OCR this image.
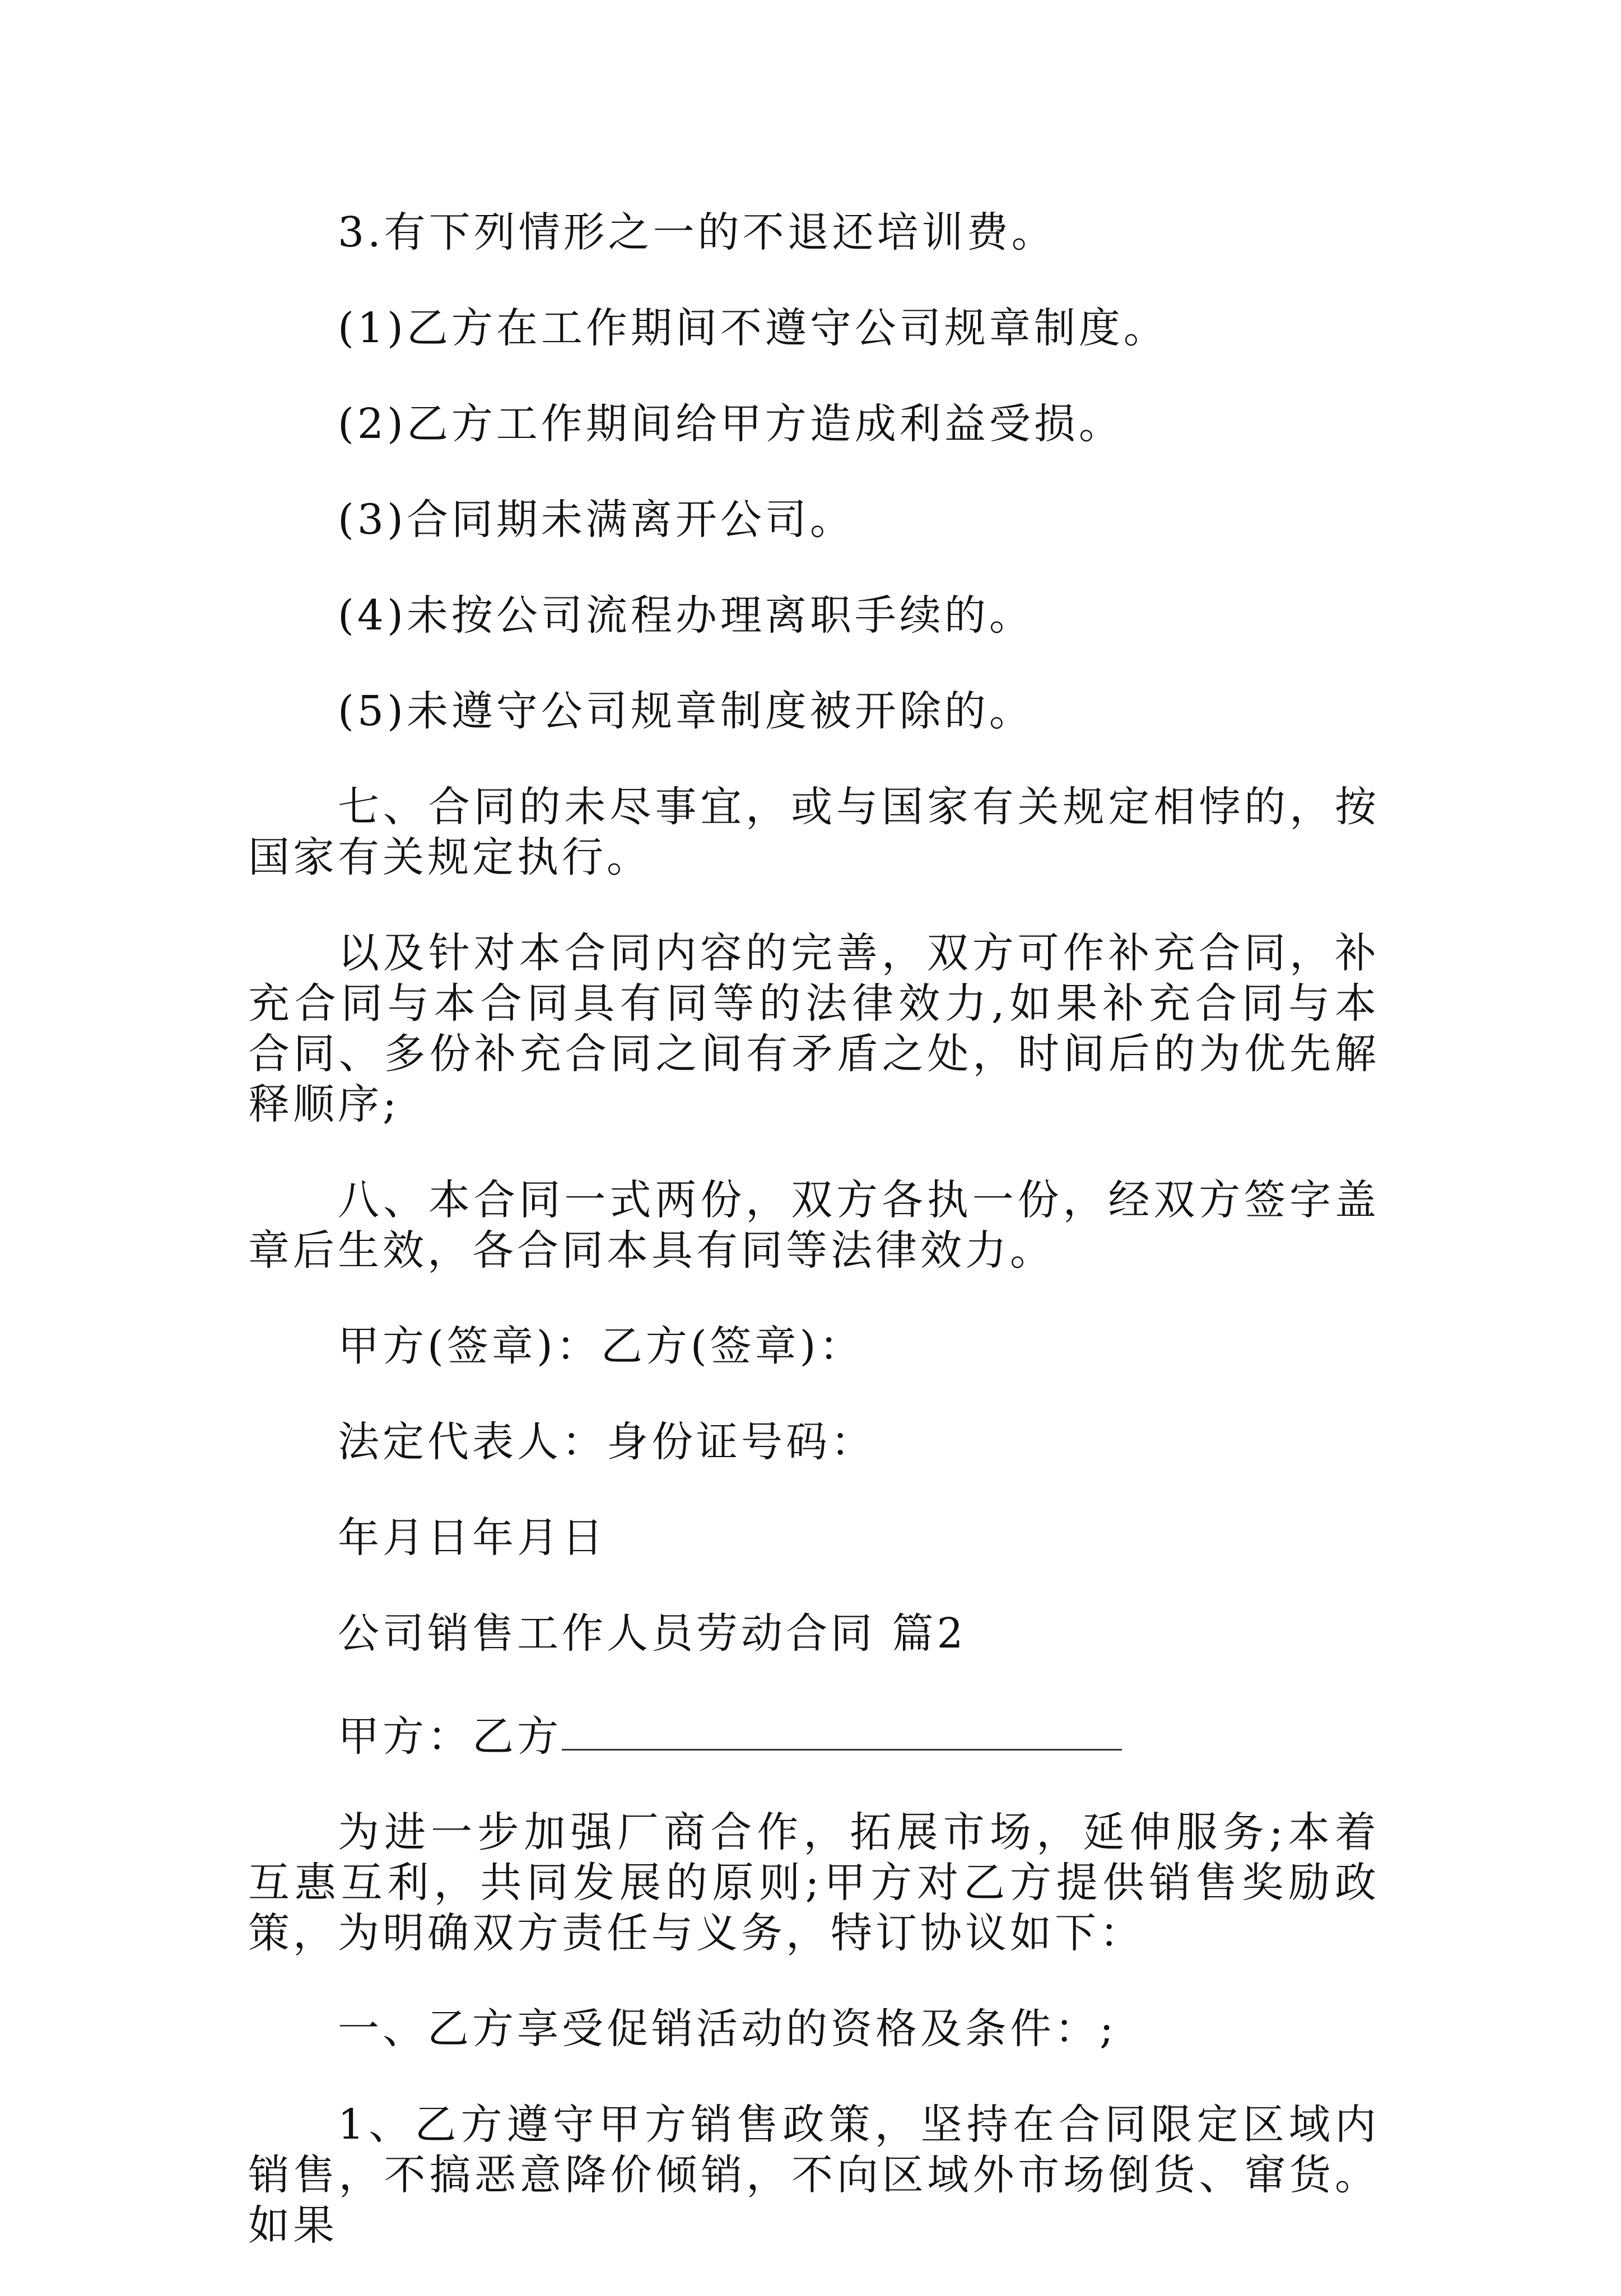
3.有下列情形之一的不退还培训费。

(1)乙方在工作期间不遵守公司规章制度。

(2)乙方工作期间给甲方造成利益受损。

(3)合同期未满离开公司。

(4)未按公司流程办理离职手续的。

(5)未遵守公司规章制度被开除的。

七、合同的未尽事宜，或与国家有关规定相悖的，按国家有关规定执行。

以及针对本合同内容的完善，双方可作补充合同，补充合同与本合同具有同等的法律效力,如果补充合同与本合同、多份补充合同之间有矛盾之处，时间后的为优先解释顺序;

八、本合同一式两份，双方各执一份，经双方签字盖章后生效，各合同本具有同等法律效力。

甲方(签章)：乙方(签章)：

法定代表人：身份证号码：

年月日年月日

公司销售工作人员劳动合同 篇2

甲方：乙方

为进一步加强厂商合作，拓展市场，延伸服务;本着互惠互利，共同发展的原则;甲方对乙方提供销售奖励政策，为明确双方责任与义务，特订协议如下：

一、乙方享受促销活动的资格及条件：;

1、乙方遵守甲方销售政策，坚持在合同限定区域内销售，不搞恶意降价倾销，不向区域外市场倒货、窜货。如果
